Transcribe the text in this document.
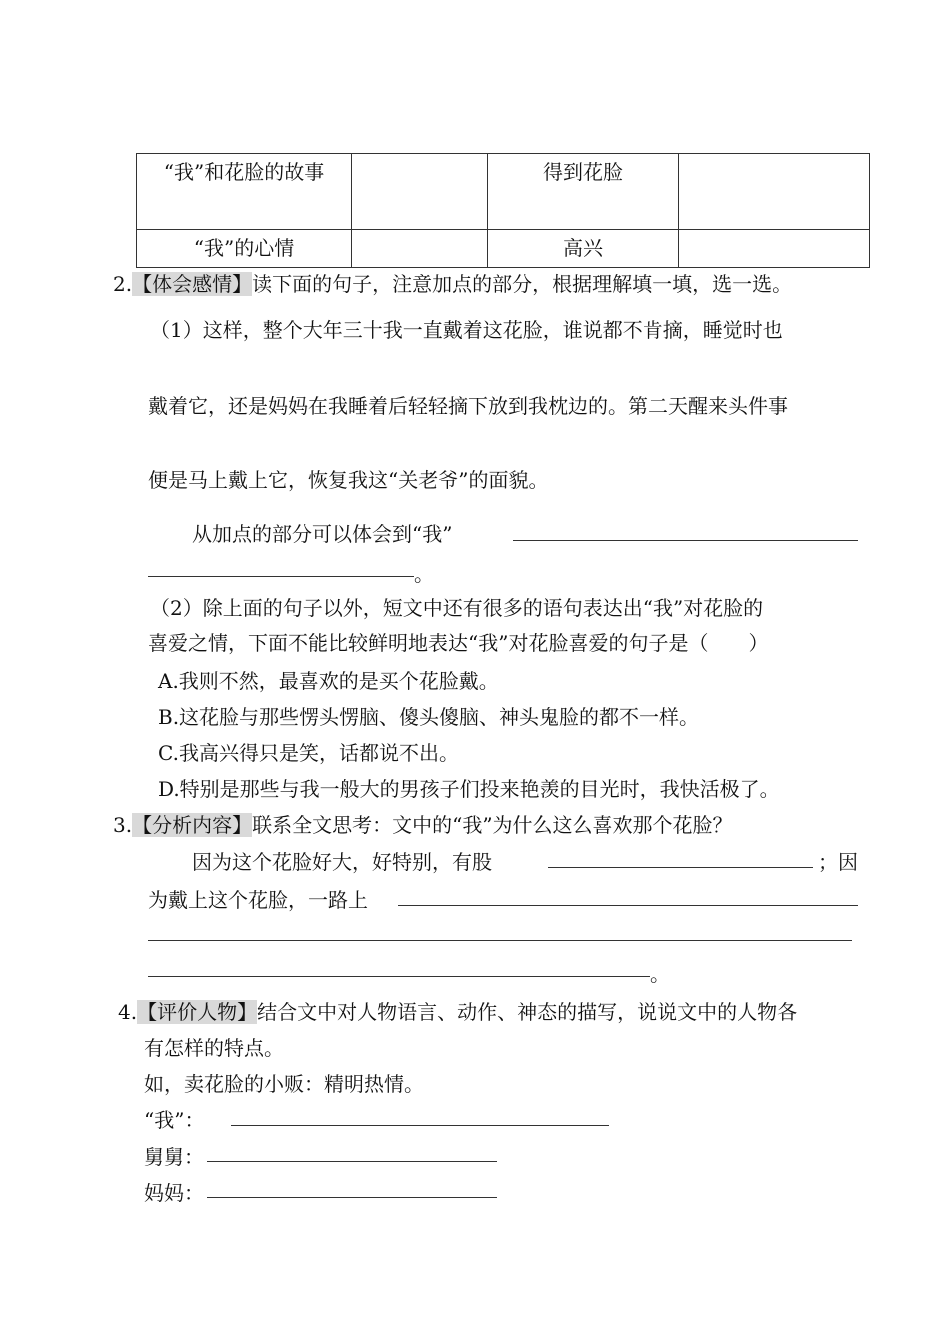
“我”和花脸的故事		得到花脸	
“我”的心情		高兴	
2.【体会感情】读下面的句子，注意加点的部分，根据理解填一填，选一选。
（1）这样，整个大年三十我一直戴着这花脸，谁说都不肯摘，睡觉时也
戴着它，还是妈妈在我睡着后轻轻摘下放到我枕边的。第二天醒来头件事
便是马上戴上它，恢复我这“关老爷”的面貌。
从加点的部分可以体会到“我”
。
（2）除上面的句子以外，短文中还有很多的语句表达出“我”对花脸的
喜爱之情，下面不能比较鲜明地表达“我”对花脸喜爱的句子是（　　）
A.我则不然，最喜欢的是买个花脸戴。
B.这花脸与那些愣头愣脑、傻头傻脑、神头鬼脸的都不一样。
C.我高兴得只是笑，话都说不出。
D.特别是那些与我一般大的男孩子们投来艳羡的目光时，我快活极了。
3.【分析内容】联系全文思考：文中的“我”为什么这么喜欢那个花脸？
因为这个花脸好大，好特别，有股	；因
为戴上这个花脸，一路上
。
4.【评价人物】结合文中对人物语言、动作、神态的描写，说说文中的人物各
有怎样的特点。
如，卖花脸的小贩：精明热情。
“我”：
舅舅：
妈妈：
